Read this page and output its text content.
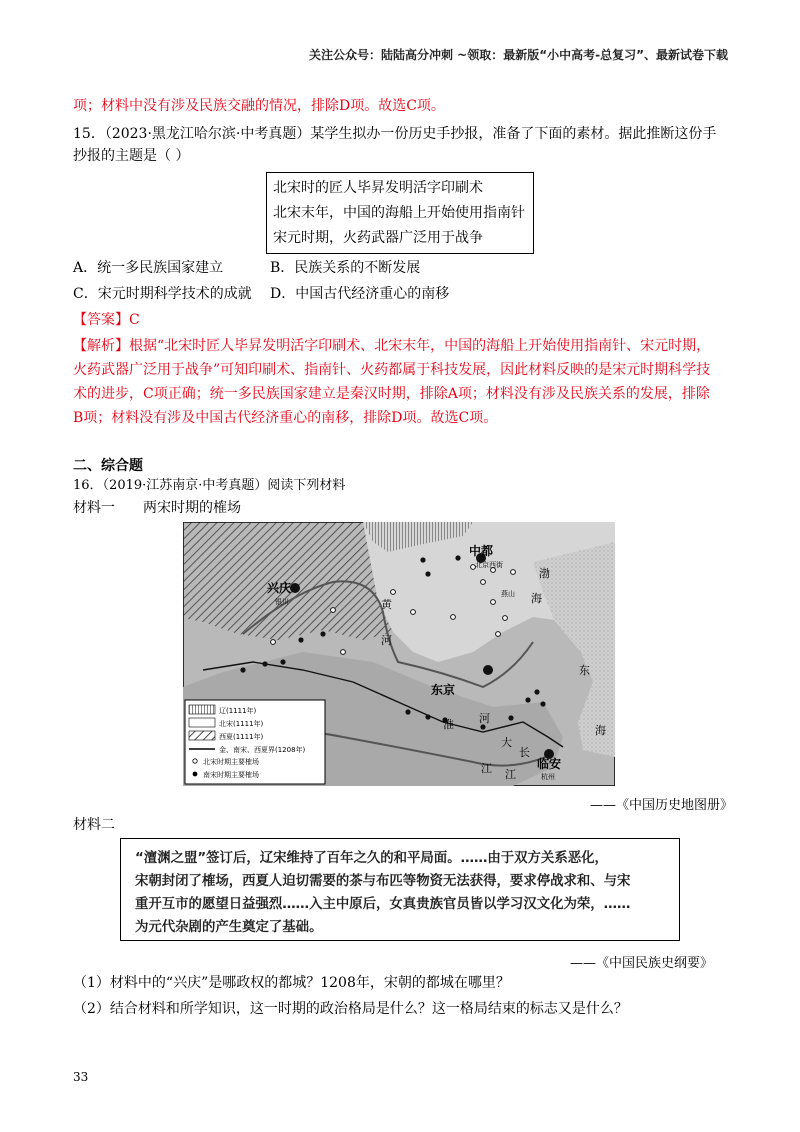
关注公众号：陆陆高分冲刺 ~领取：最新版“小中高考-总复习”、最新试卷下载
项；材料中没有涉及民族交融的情况，排除D项。故选C项。
15．（2023·黑龙江哈尔滨·中考真题）某学生拟办一份历史手抄报，准备了下面的素材。据此推断这份手
抄报的主题是（ ）
北宋时的匠人毕昇发明活字印刷术
北宋末年，中国的海船上开始使用指南针
宋元时期，火药武器广泛用于战争
A．统一多民族国家建立	B．民族关系的不断发展
C．宋元时期科学技术的成就 D．中国古代经济重心的南移
【答案】C
【解析】根据“北宋时匠人毕昇发明活字印刷术、北宋末年，中国的海船上开始使用指南针、宋元时期，
火药武器广泛用于战争”可知印刷术、指南针、火药都属于科技发展，因此材料反映的是宋元时期科学技
术的进步，C项正确；统一多民族国家建立是秦汉时期，排除A项；材料没有涉及民族关系的发展，排除
B项；材料没有涉及中国古代经济重心的南移，排除D项。故选C项。
二、综合题
16．（2019·江苏南京·中考真题）阅读下列材料
材料一 两宋时期的榷场
中都
北京西街
燕山
兴庆
银川	黄
河
渤
海
东
海
东京
淮 河
大
长
江 江
临安
杭州
辽(1111年)
北宋(1111年)
西夏(1111年)
金、南宋、西夏界(1208年)
北宋时期主要榷场
南宋时期主要榷场
——《中国历史地图册》
材料二
“澶渊之盟”签订后，辽宋维持了百年之久的和平局面。……由于双方关系恶化，
宋朝封闭了榷场，西夏人迫切需要的茶与布匹等物资无法获得，要求停战求和、与宋
重开互市的愿望日益强烈……入主中原后，女真贵族官员皆以学习汉文化为荣，……
为元代杂剧的产生奠定了基础。
——《中国民族史纲要》
（1）材料中的“兴庆”是哪政权的都城？1208年，宋朝的都城在哪里？
（2）结合材料和所学知识，这一时期的政治格局是什么？这一格局结束的标志又是什么？
33
